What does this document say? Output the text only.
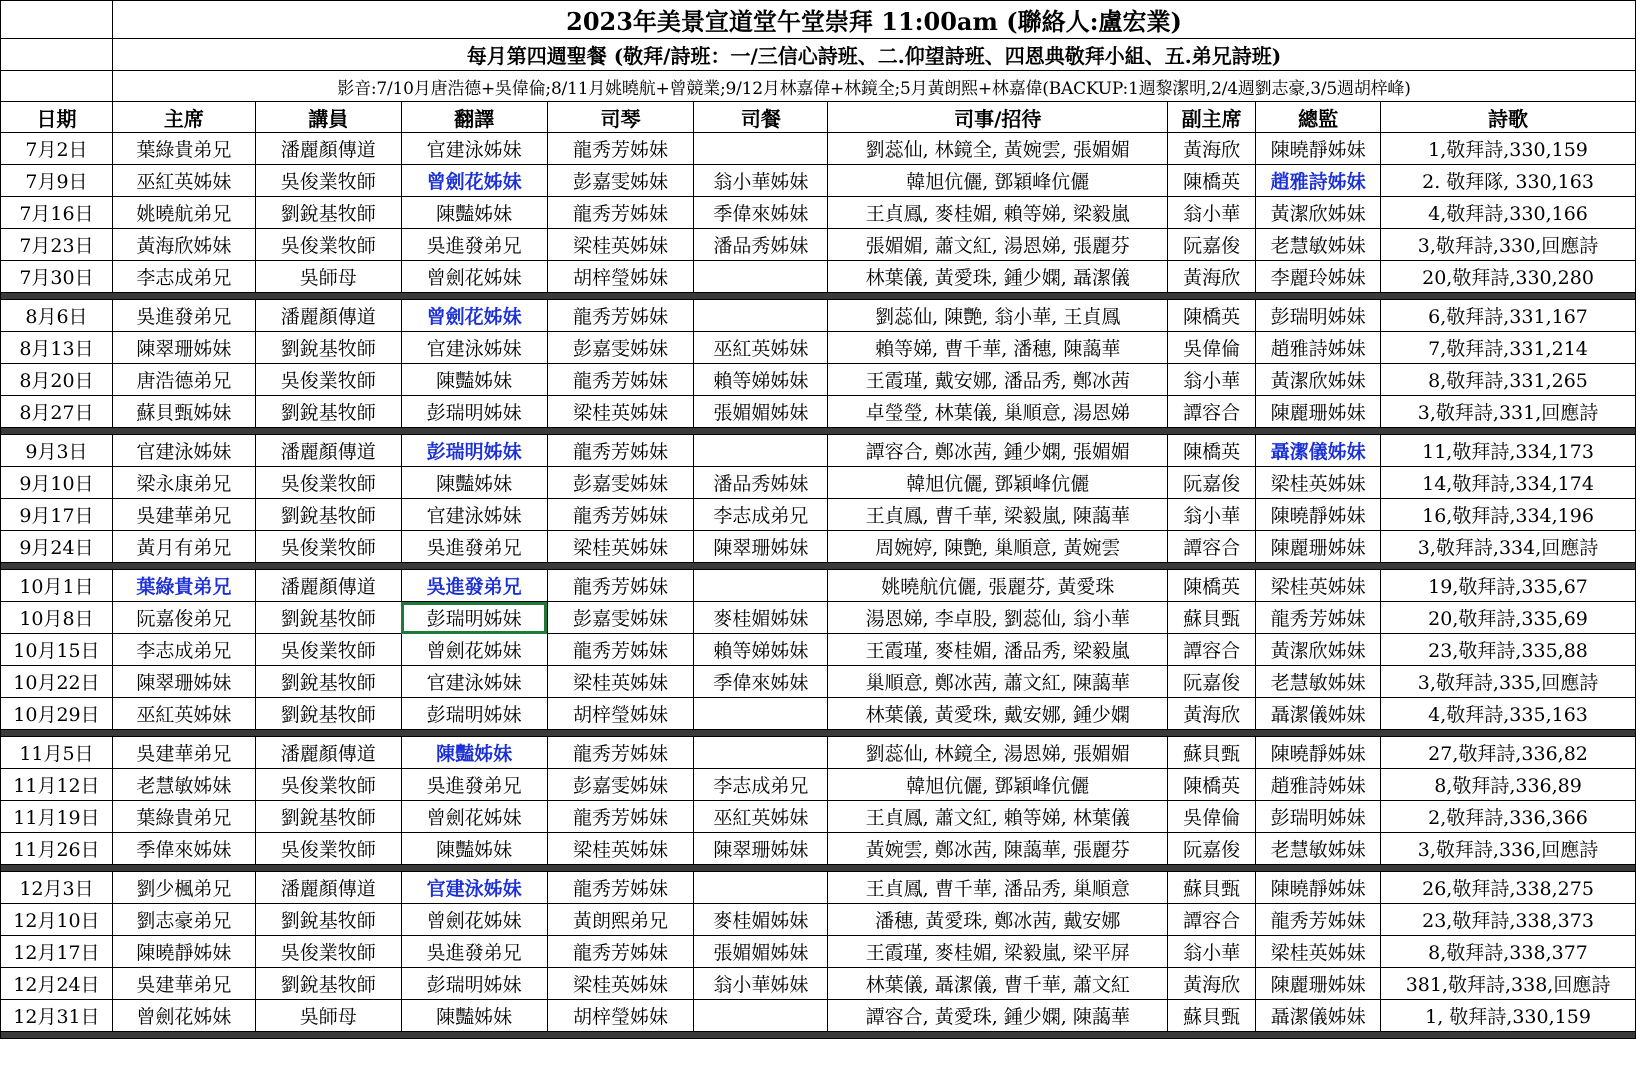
	2023年美景宣道堂午堂崇拜 11:00am (聯絡人:盧宏業)								
	每月第四週聖餐 (敬拜/詩班：一/三信心詩班、二.仰望詩班、四恩典敬拜小組、五.弟兄詩班)								
	影音:7/10月唐浩德+吳偉倫;8/11月姚曉航+曾競業;9/12月林嘉偉+林鏡全;5月黃朗熙+林嘉偉(BACKUP:1週黎潔明,2/4週劉志豪,3/5週胡梓峰)								
日期	主席	講員	翻譯	司琴	司餐	司事/招待	副主席	總監	詩歌
7月2日	葉綠貴弟兄	潘麗顏傳道	官建泳姊妹	龍秀芳姊妹		劉蕊仙, 林鏡全, 黃婉雲, 張媚媚	黃海欣	陳曉靜姊妹	1,敬拜詩,330,159
7月9日	巫紅英姊妹	吳俊業牧師	曾劍花姊妹	彭嘉雯姊妹	翁小華姊妹	韓旭伉儷, 鄧穎峰伉儷	陳橋英	趙雅詩姊妹	2. 敬拜隊, 330,163
7月16日	姚曉航弟兄	劉銳基牧師	陳豔姊妹	龍秀芳姊妹	季偉來姊妹	王貞鳳, 麥桂媚, 賴等娣, 梁毅嵐	翁小華	黃潔欣姊妹	4,敬拜詩,330,166
7月23日	黃海欣姊妹	吳俊業牧師	吳進發弟兄	梁桂英姊妹	潘品秀姊妹	張媚媚, 蕭文紅, 湯恩娣, 張麗芬	阮嘉俊	老慧敏姊妹	3,敬拜詩,330,回應詩
7月30日	李志成弟兄	吳師母	曾劍花姊妹	胡梓瑩姊妹		林葉儀, 黃愛珠, 鍾少嫻, 聶潔儀	黃海欣	李麗玲姊妹	20,敬拜詩,330,280

8月6日	吳進發弟兄	潘麗顏傳道	曾劍花姊妹	龍秀芳姊妹		劉蕊仙, 陳艷, 翁小華, 王貞鳳	陳橋英	彭瑞明姊妹	6,敬拜詩,331,167
8月13日	陳翠珊姊妹	劉銳基牧師	官建泳姊妹	彭嘉雯姊妹	巫紅英姊妹	賴等娣, 曹千華, 潘穗, 陳藹華	吳偉倫	趙雅詩姊妹	7,敬拜詩,331,214
8月20日	唐浩德弟兄	吳俊業牧師	陳豔姊妹	龍秀芳姊妹	賴等娣姊妹	王霞瑾, 戴安娜, 潘品秀, 鄭冰茜	翁小華	黃潔欣姊妹	8,敬拜詩,331,265
8月27日	蘇貝甄姊妹	劉銳基牧師	彭瑞明姊妹	梁桂英姊妹	張媚媚姊妹	卓瑩瑩, 林葉儀, 巢順意, 湯恩娣	譚容合	陳麗珊姊妹	3,敬拜詩,331,回應詩

9月3日	官建泳姊妹	潘麗顏傳道	彭瑞明姊妹	龍秀芳姊妹		譚容合, 鄭冰茜, 鍾少嫻, 張媚媚	陳橋英	聶潔儀姊妹	11,敬拜詩,334,173
9月10日	梁永康弟兄	吳俊業牧師	陳豔姊妹	彭嘉雯姊妹	潘品秀姊妹	韓旭伉儷, 鄧穎峰伉儷	阮嘉俊	梁桂英姊妹	14,敬拜詩,334,174
9月17日	吳建華弟兄	劉銳基牧師	官建泳姊妹	龍秀芳姊妹	李志成弟兄	王貞鳳, 曹千華, 梁毅嵐, 陳藹華	翁小華	陳曉靜姊妹	16,敬拜詩,334,196
9月24日	黃月有弟兄	吳俊業牧師	吳進發弟兄	梁桂英姊妹	陳翠珊姊妹	周婉婷, 陳艷, 巢順意, 黃婉雲	譚容合	陳麗珊姊妹	3,敬拜詩,334,回應詩

10月1日	葉綠貴弟兄	潘麗顏傳道	吳進發弟兄	龍秀芳姊妹		姚曉航伉儷, 張麗芬, 黃愛珠	陳橋英	梁桂英姊妹	19,敬拜詩,335,67
10月8日	阮嘉俊弟兄	劉銳基牧師	彭瑞明姊妹	彭嘉雯姊妹	麥桂媚姊妹	湯恩娣, 李卓股, 劉蕊仙, 翁小華	蘇貝甄	龍秀芳姊妹	20,敬拜詩,335,69
10月15日	李志成弟兄	吳俊業牧師	曾劍花姊妹	龍秀芳姊妹	賴等娣姊妹	王霞瑾, 麥桂媚, 潘品秀, 梁毅嵐	譚容合	黃潔欣姊妹	23,敬拜詩,335,88
10月22日	陳翠珊姊妹	劉銳基牧師	官建泳姊妹	梁桂英姊妹	季偉來姊妹	巢順意, 鄭冰茜, 蕭文紅, 陳藹華	阮嘉俊	老慧敏姊妹	3,敬拜詩,335,回應詩
10月29日	巫紅英姊妹	劉銳基牧師	彭瑞明姊妹	胡梓瑩姊妹		林葉儀, 黃愛珠, 戴安娜, 鍾少嫻	黃海欣	聶潔儀姊妹	4,敬拜詩,335,163

11月5日	吳建華弟兄	潘麗顏傳道	陳豔姊妹	龍秀芳姊妹		劉蕊仙, 林鏡全, 湯恩娣, 張媚媚	蘇貝甄	陳曉靜姊妹	27,敬拜詩,336,82
11月12日	老慧敏姊妹	吳俊業牧師	吳進發弟兄	彭嘉雯姊妹	李志成弟兄	韓旭伉儷, 鄧穎峰伉儷	陳橋英	趙雅詩姊妹	8,敬拜詩,336,89
11月19日	葉綠貴弟兄	劉銳基牧師	曾劍花姊妹	龍秀芳姊妹	巫紅英姊妹	王貞鳳, 蕭文紅, 賴等娣, 林葉儀	吳偉倫	彭瑞明姊妹	2,敬拜詩,336,366
11月26日	季偉來姊妹	吳俊業牧師	陳豔姊妹	梁桂英姊妹	陳翠珊姊妹	黃婉雲, 鄭冰茜, 陳藹華, 張麗芬	阮嘉俊	老慧敏姊妹	3,敬拜詩,336,回應詩

12月3日	劉少楓弟兄	潘麗顏傳道	官建泳姊妹	龍秀芳姊妹		王貞鳳, 曹千華, 潘品秀, 巢順意	蘇貝甄	陳曉靜姊妹	26,敬拜詩,338,275
12月10日	劉志豪弟兄	劉銳基牧師	曾劍花姊妹	黃朗熙弟兄	麥桂媚姊妹	潘穗, 黃愛珠, 鄭冰茜, 戴安娜	譚容合	龍秀芳姊妹	23,敬拜詩,338,373
12月17日	陳曉靜姊妹	吳俊業牧師	吳進發弟兄	龍秀芳姊妹	張媚媚姊妹	王霞瑾, 麥桂媚, 梁毅嵐, 梁平屏	翁小華	梁桂英姊妹	8,敬拜詩,338,377
12月24日	吳建華弟兄	劉銳基牧師	彭瑞明姊妹	梁桂英姊妹	翁小華姊妹	林葉儀, 聶潔儀, 曹千華, 蕭文紅	黃海欣	陳麗珊姊妹	381,敬拜詩,338,回應詩
12月31日	曾劍花姊妹	吳師母	陳豔姊妹	胡梓瑩姊妹		譚容合, 黃愛珠, 鍾少嫻, 陳藹華	蘇貝甄	聶潔儀姊妹	1, 敬拜詩,330,159
